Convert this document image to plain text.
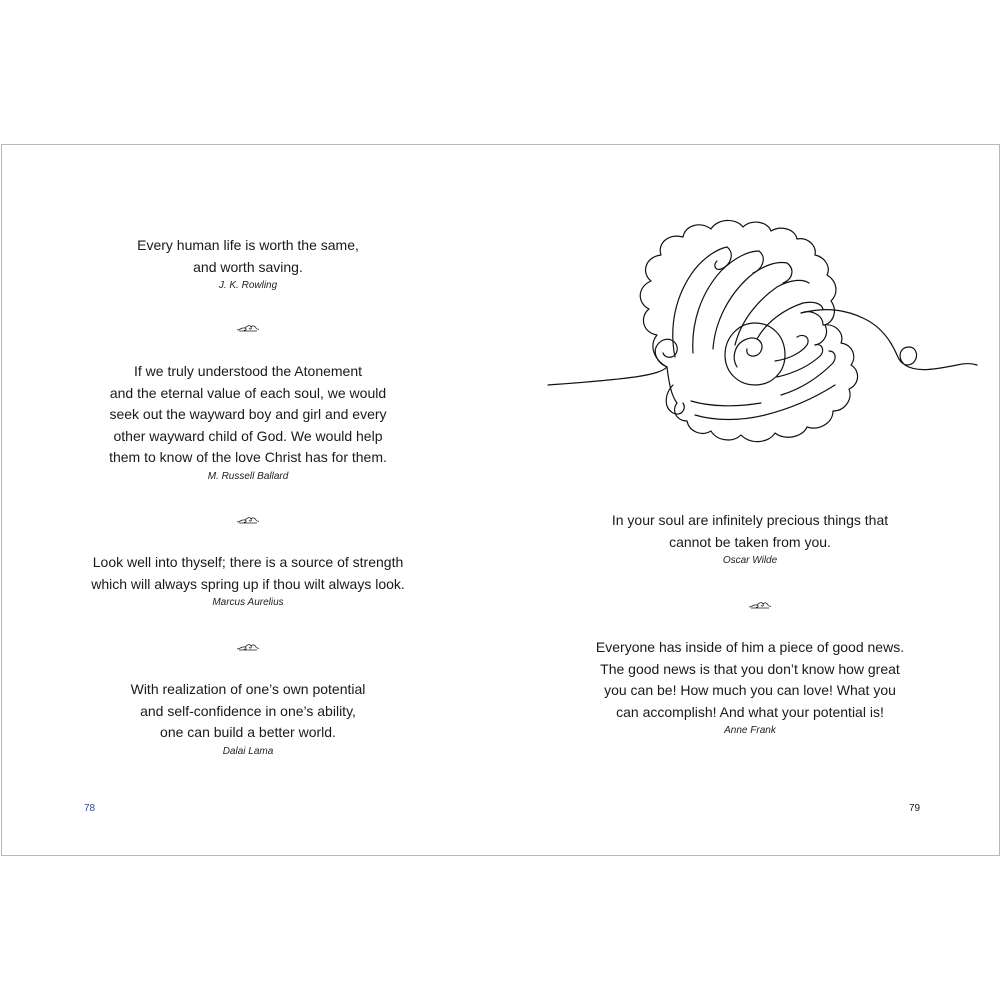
Every human life is worth the same,
and worth saving.
J. K. Rowling
If we truly understood the Atonement
and the eternal value of each soul, we would
seek out the wayward boy and girl and every
other wayward child of God. We would help
them to know of the love Christ has for them.
M. Russell Ballard
Look well into thyself; there is a source of strength
which will always spring up if thou wilt always look.
Marcus Aurelius
With realization of one’s own potential
and self-confidence in one’s ability,
one can build a better world.
Dalai Lama
78
In your soul are infinitely precious things that
cannot be taken from you.
Oscar Wilde
Everyone has inside of him a piece of good news.
The good news is that you don’t know how great
you can be! How much you can love! What you
can accomplish! And what your potential is!
Anne Frank
79
